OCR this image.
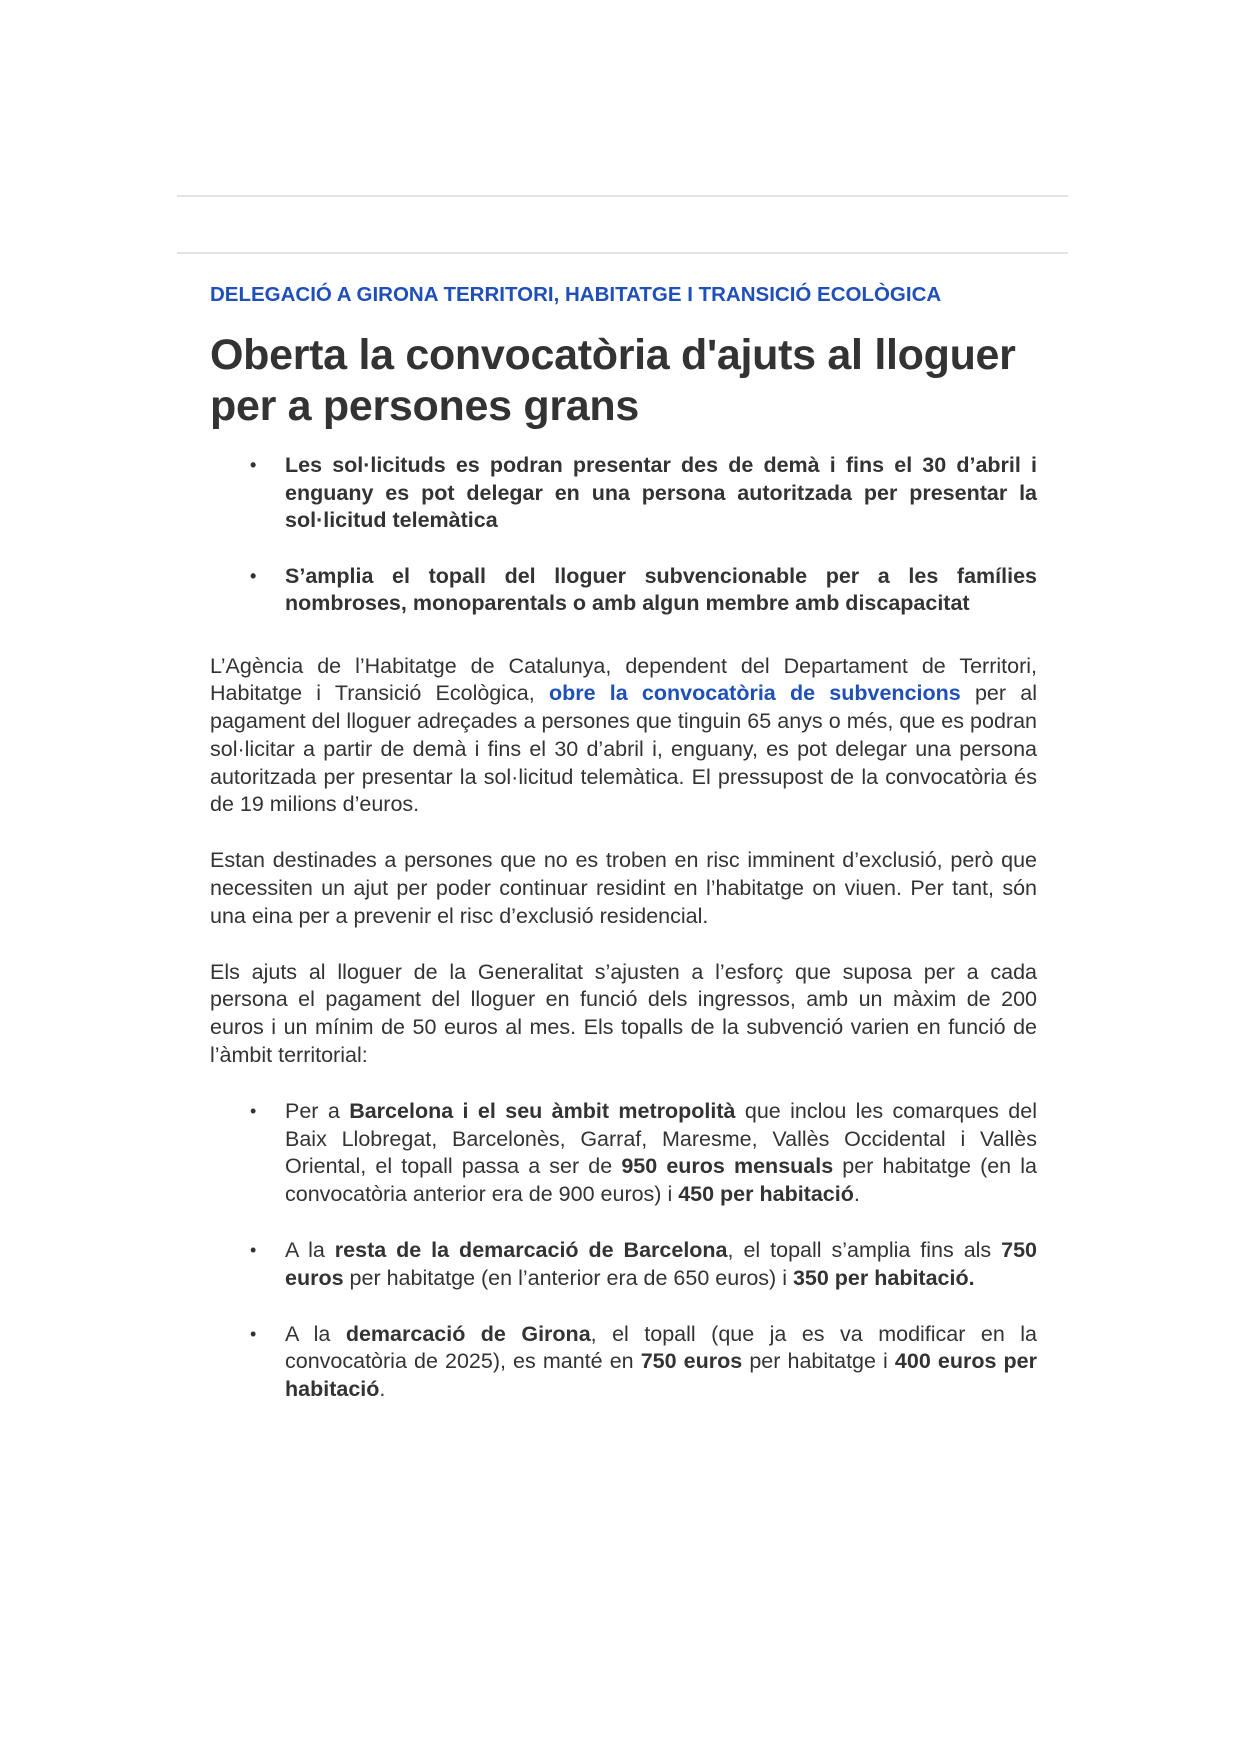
DELEGACIÓ A GIRONA TERRITORI, HABITATGE I TRANSICIÓ ECOLÒGICA
Oberta la convocatòria d'ajuts al lloguer per a persones grans
• Les sol·licituds es podran presentar des de demà i fins el 30 d’abril i enguany es pot delegar en una persona autoritzada per presentar la sol·licitud telemàtica
• S’amplia el topall del lloguer subvencionable per a les famílies nombroses, monoparentals o amb algun membre amb discapacitat

L’Agència de l’Habitatge de Catalunya, dependent del Departament de Territori, Habitatge i Transició Ecològica, obre la convocatòria de subvencions per al pagament del lloguer adreçades a persones que tinguin 65 anys o més, que es podran sol·licitar a partir de demà i fins el 30 d’abril i, enguany, es pot delegar una persona autoritzada per presentar la sol·licitud telemàtica. El pressupost de la convocatòria és de 19 milions d’euros.

Estan destinades a persones que no es troben en risc imminent d’exclusió, però que necessiten un ajut per poder continuar residint en l’habitatge on viuen. Per tant, són una eina per a prevenir el risc d’exclusió residencial.

Els ajuts al lloguer de la Generalitat s’ajusten a l’esforç que suposa per a cada persona el pagament del lloguer en funció dels ingressos, amb un màxim de 200 euros i un mínim de 50 euros al mes. Els topalls de la subvenció varien en funció de l’àmbit territorial:

• Per a Barcelona i el seu àmbit metropolità que inclou les comarques del Baix Llobregat, Barcelonès, Garraf, Maresme, Vallès Occidental i Vallès Oriental, el topall passa a ser de 950 euros mensuals per habitatge (en la convocatòria anterior era de 900 euros) i 450 per habitació.
• A la resta de la demarcació de Barcelona, el topall s’amplia fins als 750 euros per habitatge (en l’anterior era de 650 euros) i 350 per habitació.
• A la demarcació de Girona, el topall (que ja es va modificar en la convocatòria de 2025), es manté en 750 euros per habitatge i 400 euros per habitació.
